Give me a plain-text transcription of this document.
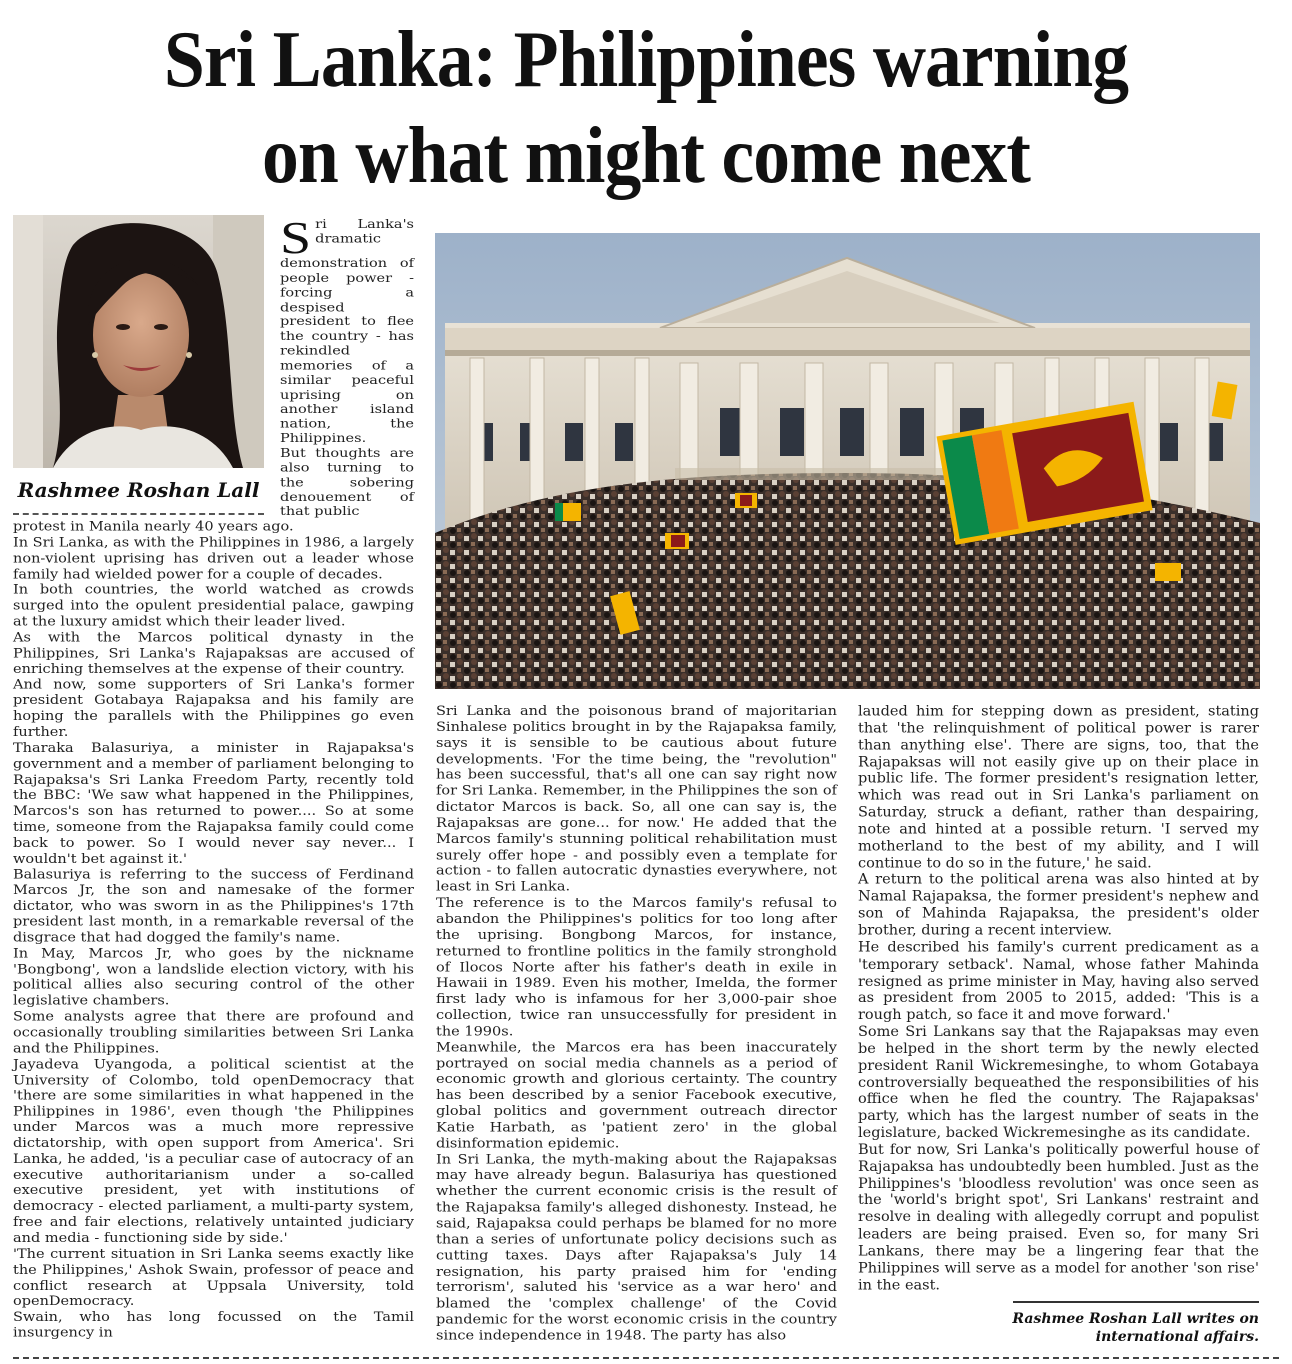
Sri Lanka: Philippines warning
on what might come next
Rashmee Roshan Lall
S ri Lanka's dramatic demonstration of people power - forcing a despised president to flee the country - has rekindled memories of a similar peaceful uprising on another island nation, the Philippines.

But thoughts are also turning to the sobering denouement of that public

protest in Manila nearly 40 years ago.

In Sri Lanka, as with the Philippines in 1986, a largely non-violent uprising has driven out a leader whose family had wielded power for a couple of decades.

In both countries, the world watched as crowds surged into the opulent presidential palace, gawping at the luxury amidst which their leader lived.

As with the Marcos political dynasty in the Philippines, Sri Lanka's Rajapaksas are accused of enriching themselves at the expense of their country.

And now, some supporters of Sri Lanka's former president Gotabaya Rajapaksa and his family are hoping the parallels with the Philippines go even further.

Tharaka Balasuriya, a minister in Rajapaksa's government and a member of parliament belonging to Rajapaksa's Sri Lanka Freedom Party, recently told the BBC: 'We saw what happened in the Philippines, Marcos's son has returned to power.... So at some time, someone from the Rajapaksa family could come back to power. So I would never say never... I wouldn't bet against it.'

Balasuriya is referring to the success of Ferdinand Marcos Jr, the son and namesake of the former dictator, who was sworn in as the Philippines's 17th president last month, in a remarkable reversal of the disgrace that had dogged the family's name.

In May, Marcos Jr, who goes by the nickname 'Bongbong', won a landslide election victory, with his political allies also securing control of the other legislative chambers.

Some analysts agree that there are profound and occasionally troubling similarities between Sri Lanka and the Philippines.

Jayadeva Uyangoda, a political scientist at the University of Colombo, told openDemocracy that 'there are some similarities in what happened in the Philippines in 1986', even though 'the Philippines under Marcos was a much more repressive dictatorship, with open support from America'. Sri Lanka, he added, 'is a peculiar case of autocracy of an executive authoritarianism under a so-called executive president, yet with institutions of democracy - elected parliament, a multi-party system, free and fair elections, relatively untainted judiciary and media - functioning side by side.'

'The current situation in Sri Lanka seems exactly like the Philippines,' Ashok Swain, professor of peace and conflict research at Uppsala University, told openDemocracy.

Swain, who has long focussed on the Tamil insurgency in

Sri Lanka and the poisonous brand of majoritarian Sinhalese politics brought in by the Rajapaksa family, says it is sensible to be cautious about future developments. 'For the time being, the "revolution" has been successful, that's all one can say right now for Sri Lanka. Remember, in the Philippines the son of dictator Marcos is back. So, all one can say is, the Rajapaksas are gone... for now.' He added that the Marcos family's stunning political rehabilitation must surely offer hope - and possibly even a template for action - to fallen autocratic dynasties everywhere, not least in Sri Lanka.

The reference is to the Marcos family's refusal to abandon the Philippines's politics for too long after the uprising. Bongbong Marcos, for instance, returned to frontline politics in the family stronghold of Ilocos Norte after his father's death in exile in Hawaii in 1989. Even his mother, Imelda, the former first lady who is infamous for her 3,000-pair shoe collection, twice ran unsuccessfully for president in the 1990s.

Meanwhile, the Marcos era has been inaccurately portrayed on social media channels as a period of economic growth and glorious certainty. The country has been described by a senior Facebook executive, global politics and government outreach director Katie Harbath, as 'patient zero' in the global disinformation epidemic.

In Sri Lanka, the myth-making about the Rajapaksas may have already begun. Balasuriya has questioned whether the current economic crisis is the result of the Rajapaksa family's alleged dishonesty. Instead, he said, Rajapaksa could perhaps be blamed for no more than a series of unfortunate policy decisions such as cutting taxes. Days after Rajapaksa's July 14 resignation, his party praised him for 'ending terrorism', saluted his 'service as a war hero' and blamed the 'complex challenge' of the Covid pandemic for the worst economic crisis in the country since independence in 1948. The party has also

lauded him for stepping down as president, stating that 'the relinquishment of political power is rarer than anything else'. There are signs, too, that the Rajapaksas will not easily give up on their place in public life. The former president's resignation letter, which was read out in Sri Lanka's parliament on Saturday, struck a defiant, rather than despairing, note and hinted at a possible return. 'I served my motherland to the best of my ability, and I will continue to do so in the future,' he said.

A return to the political arena was also hinted at by Namal Rajapaksa, the former president's nephew and son of Mahinda Rajapaksa, the president's older brother, during a recent interview.

He described his family's current predicament as a 'temporary setback'. Namal, whose father Mahinda resigned as prime minister in May, having also served as president from 2005 to 2015, added: 'This is a rough patch, so face it and move forward.'

Some Sri Lankans say that the Rajapaksas may even be helped in the short term by the newly elected president Ranil Wickremesinghe, to whom Gotabaya controversially bequeathed the responsibilities of his office when he fled the country. The Rajapaksas' party, which has the largest number of seats in the legislature, backed Wickremesinghe as its candidate.

But for now, Sri Lanka's politically powerful house of Rajapaksa has undoubtedly been humbled. Just as the Philippines's 'bloodless revolution' was once seen as the 'world's bright spot', Sri Lankans' restraint and resolve in dealing with allegedly corrupt and populist leaders are being praised. Even so, for many Sri Lankans, there may be a lingering fear that the Philippines will serve as a model for another 'son rise' in the east.

Rashmee Roshan Lall writes on
international affairs.
